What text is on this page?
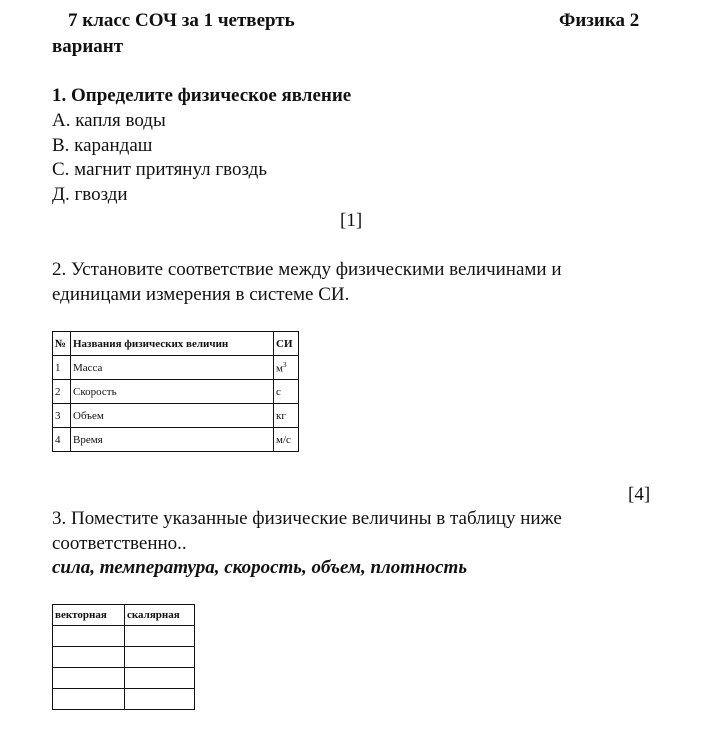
7 класс СОЧ за 1 четверть	Физика 2
вариант
1. Определите физическое явление
А. капля воды
В. карандаш
С. магнит притянул гвоздь
Д. гвозди
[1]
2. Установите соответствие между физическими величинами и
единицами измерения в системе СИ.
№	Названия физических величин	СИ
1	Масса	$м^3$
2	Скорость	с
3	Объем	кг
4	Время	м/с
[4]
3. Поместите указанные физические величины в таблицу ниже
соответственно..
сила, температура, скорость, объем, плотность
векторная	скалярная
